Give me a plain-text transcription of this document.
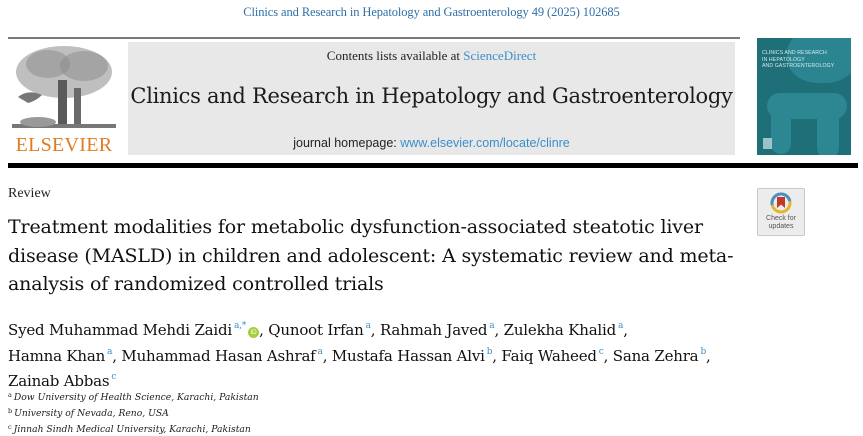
Clinics and Research in Hepatology and Gastroenterology 49 (2025) 102685
ELSEVIER
Contents lists available at ScienceDirect
Clinics and Research in Hepatology and Gastroenterology
journal homepage: www.elsevier.com/locate/clinre
CLINICS AND RESEARCH
IN HEPATOLOGY
AND GASTROENTEROLOGY
Review
Treatment modalities for metabolic dysfunction-associated steatotic liver disease (MASLD) in children and adolescent: A systematic review and meta-analysis of randomized controlled trials
Check for
updates
Syed Muhammad Mehdi Zaidi $^{a,*}$iD , Qunoot Irfan $^a$, Rahmah Javed $^a$, Zulekha Khalid $^a$,
Hamna Khan $^a$, Muhammad Hasan Ashraf $^a$, Mustafa Hassan Alvi $^b$, Faiq Waheed $^c$, Sana Zehra $^b$,
Zainab Abbas $^c$
$^a$ Dow University of Health Science, Karachi, Pakistan
$^b$ University of Nevada, Reno, USA
$^c$ Jinnah Sindh Medical University, Karachi, Pakistan
